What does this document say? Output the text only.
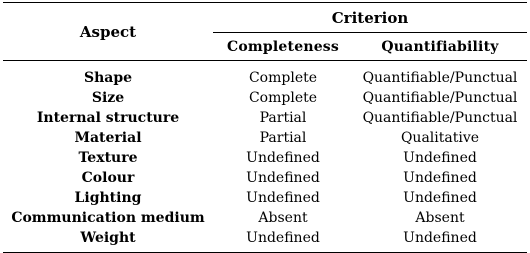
Aspect	Criterion	
	Completeness	Quantifiability
Shape	Complete	Quantifiable/Punctual
Size	Complete	Quantifiable/Punctual
Internal structure	Partial	Quantifiable/Punctual
Material	Partial	Qualitative
Texture	Undefined	Undefined
Colour	Undefined	Undefined
Lighting	Undefined	Undefined
Communication medium	Absent	Absent
Weight	Undefined	Undefined
